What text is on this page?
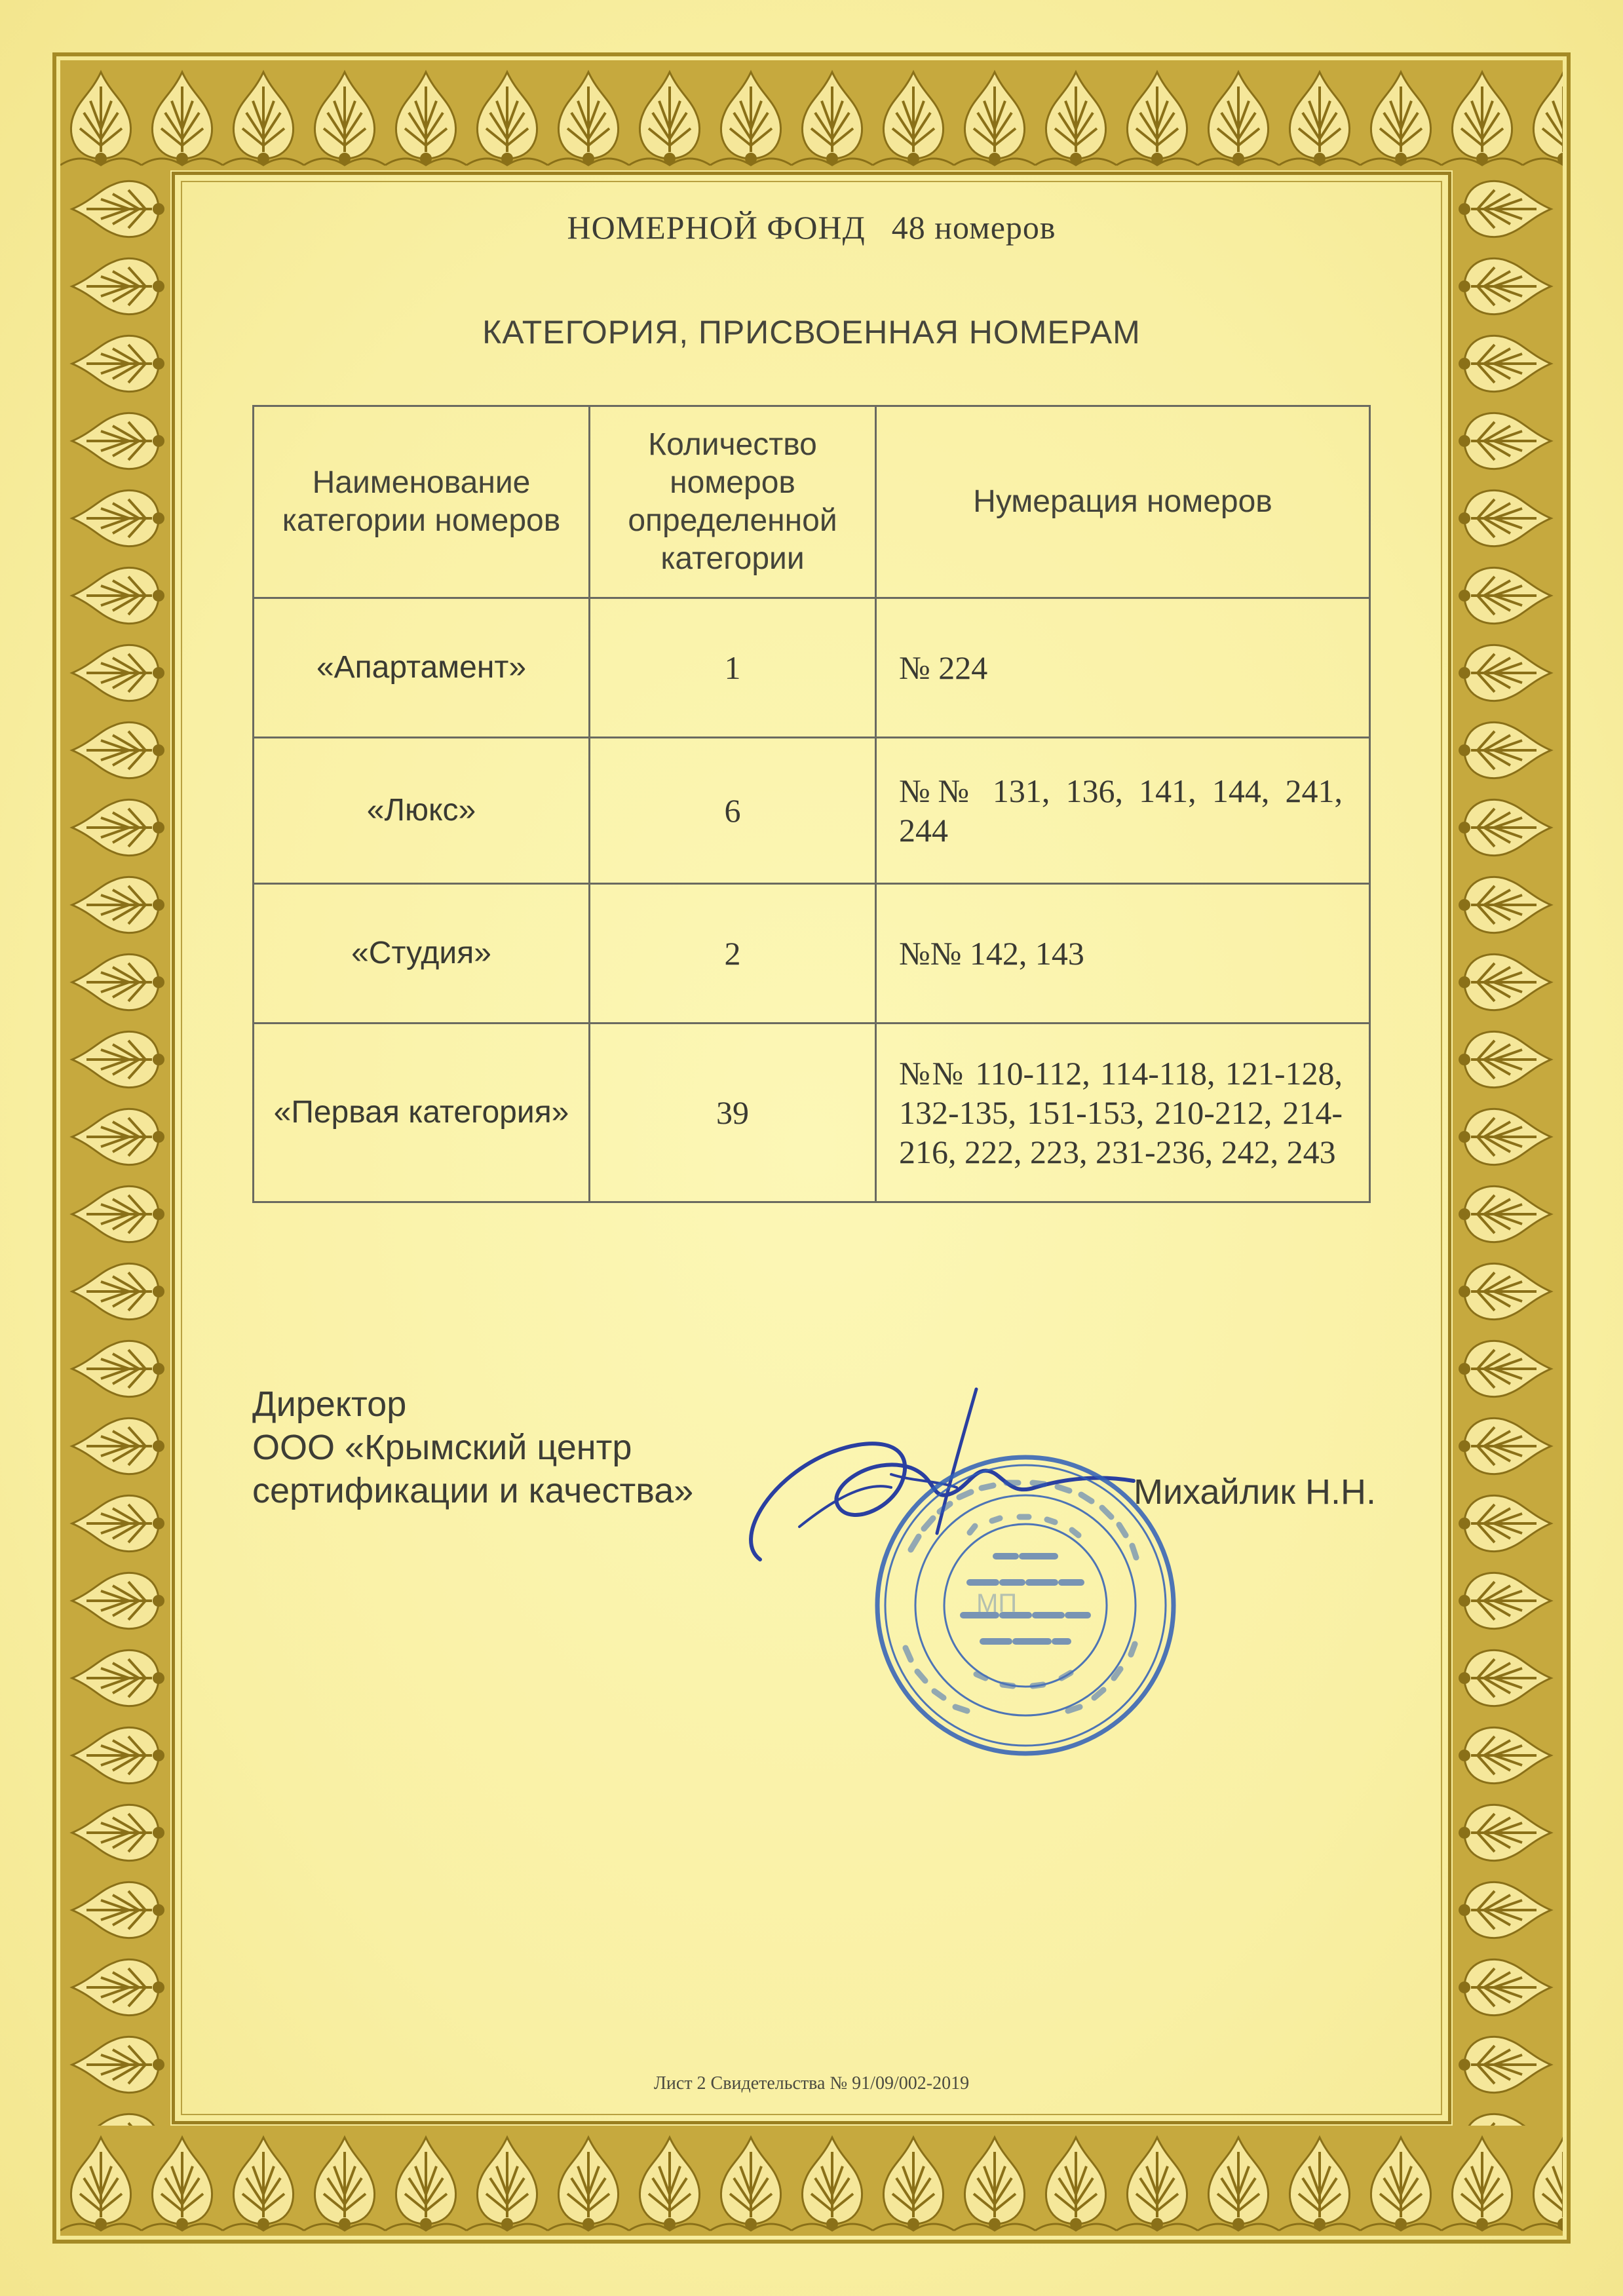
НОМЕРНОЙ ФОНД 48 номеров
КАТЕГОРИЯ, ПРИСВОЕННАЯ НОМЕРАМ
Наименование категории номеров	Количество номеров определенной категории	Нумерация номеров
«Апартамент»	1	№ 224
«Люкс»	6	№№ 131, 136, 141, 144, 241, 244
«Студия»	2	№№ 142, 143
«Первая категория»	39	№№ 110-112, 114-118, 121-128, 132-135, 151-153, 210-212, 214-216, 222, 223, 231-236, 242, 243
Директор
ООО «Крымский центр
сертификации и качества»
МП
Михайлик Н.Н.
Лист 2 Свидетельства № 91/09/002-2019
